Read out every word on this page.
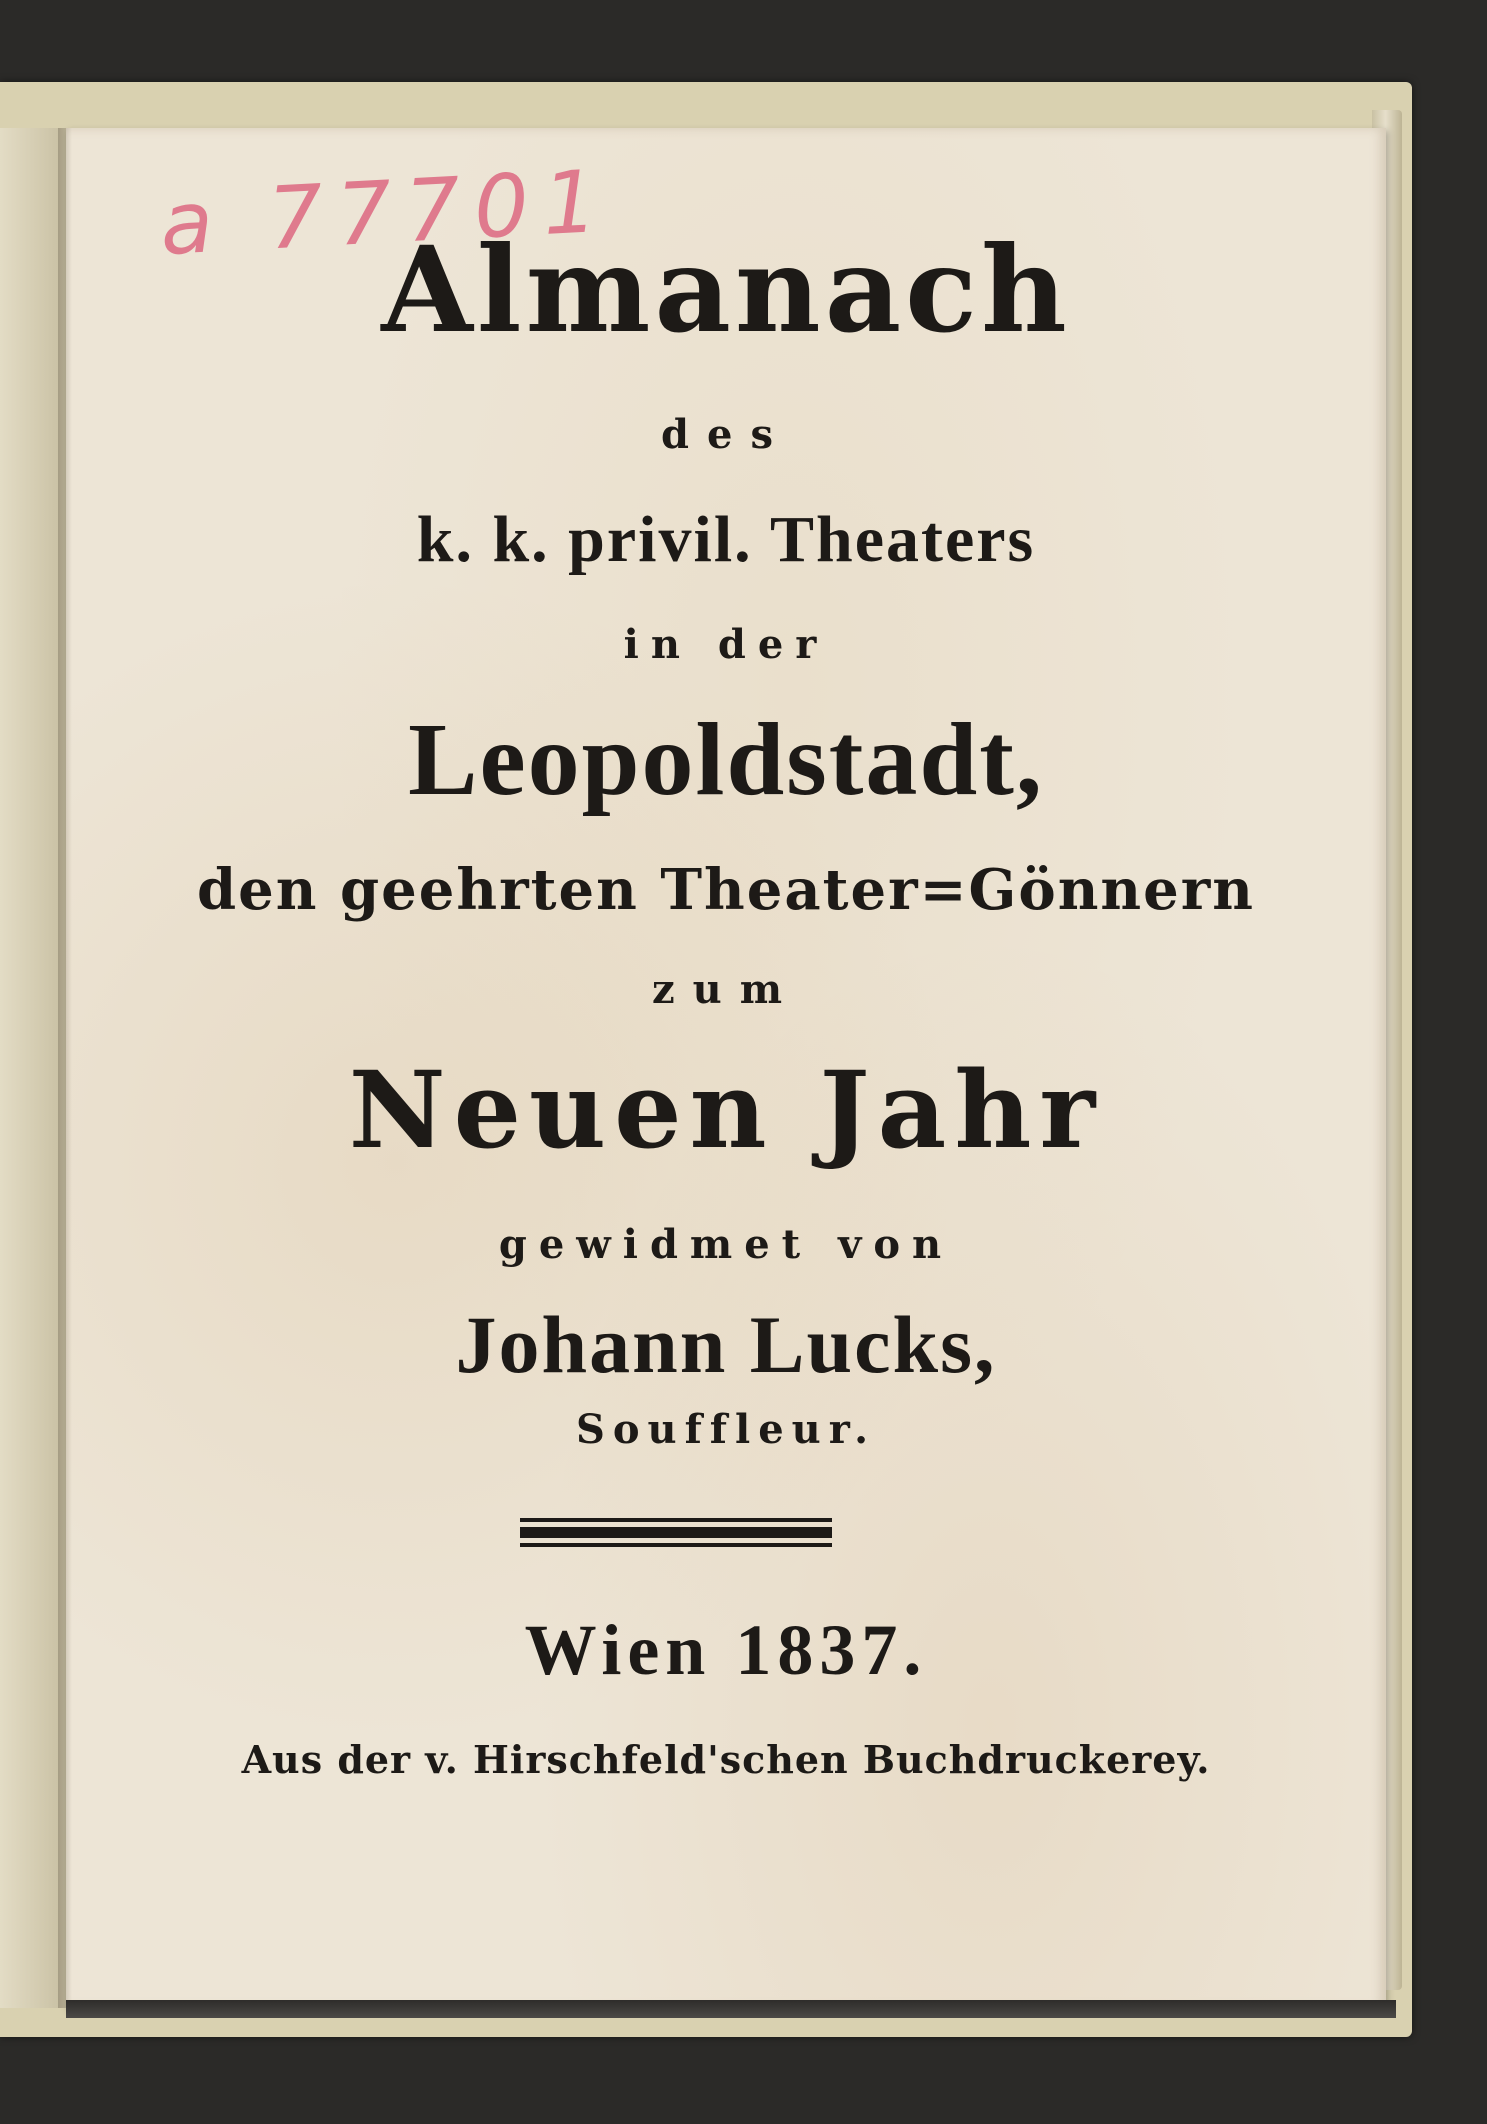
a 77701
Almanach
des
k. k. privil. Theaters
in der
Leopoldstadt,
den geehrten Theater=Gönnern
zum
Neuen Jahr
gewidmet von
Johann Lucks,
Souffleur.
Wien 1837.
Aus der v. Hirschfeld'schen Buchdruckerey.
